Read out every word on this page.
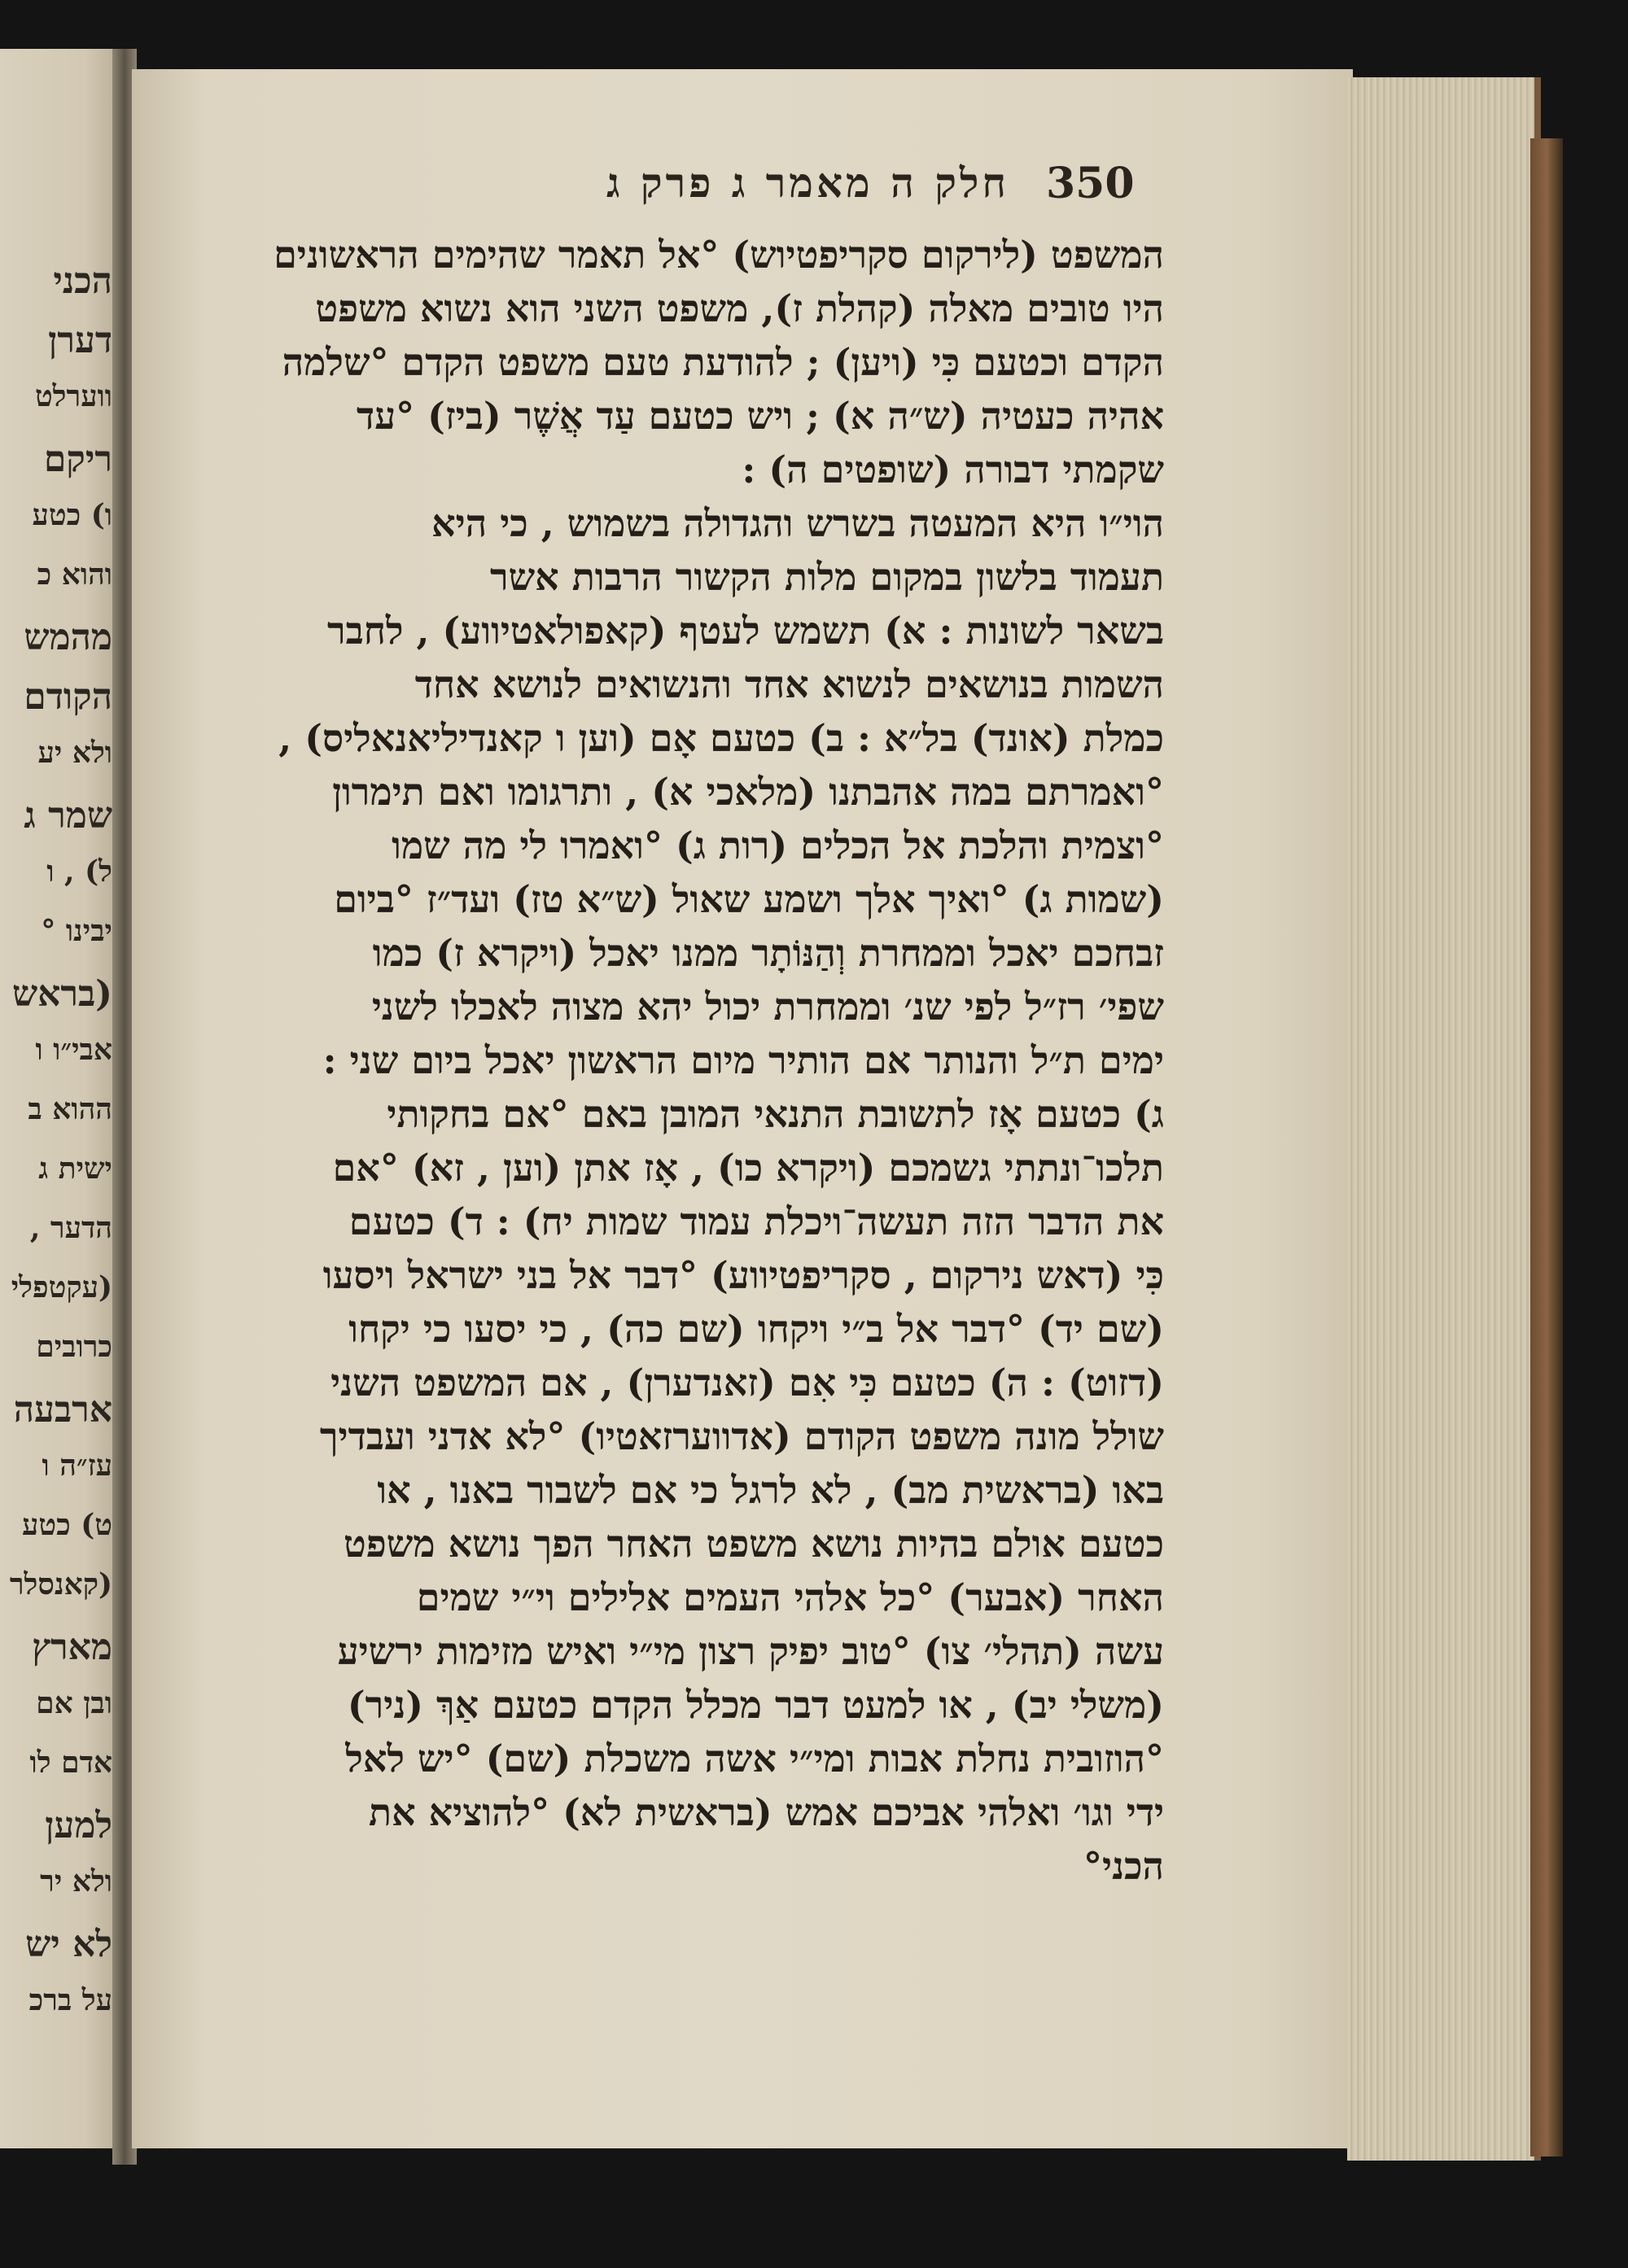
הכני
דערן
ווערלט
ריקם
ו) כטע
והוא כ
מהמש
הקודם
ולא יע
שמר ג
ל) , ו
יבינו °
(בראש
אבי״ו ו
ההוא ב
ישית ג
הדער ,
(עקטפלי
כרובים
ארבעה
עז״ה ו
ט) כטע
(קאנסלר
מארץ
ובן אם
אדם לו
למען
ולא יר
לא יש
על ברכ
350
חלק ה מאמר ג פרק ג
המשפט (לירקום סקריפטיוש) °אל תאמר שהימים הראשונים
היו טובים מאלה (קהלת ז), משפט השני הוא נשוא משפט
הקדם וכטעם כִּי (ויען) ; להודעת טעם משפט הקדם °שלמה
אהיה כעטיה (ש״ה א) ; ויש כטעם עַד אֲשֶׁר (ביז) °עד
שקמתי דבורה (שופטים ה) :
הוי״ו היא המעטה בשרש והגדולה בשמוש , כי היא
תעמוד בלשון במקום מלות הקשור הרבות אשר
בשאר לשונות : א) תשמש לעטף (קאפולאטיווע) , לחבר
השמות בנושאים לנשוא אחד והנשואים לנושא אחד
כמלת (אונד) בל״א : ב) כטעם אָם (וען ו קאנדיליאנאליס) ,
°ואמרתם במה אהבתנו (מלאכי א) , ותרגומו ואם תימרון
°וצמית והלכת אל הכלים (רות ג) °ואמרו לי מה שמו
(שמות ג) °ואיך אלך ושמע שאול (ש״א טז) ועד״ז °ביום
זבחכם יאכל וממחרת וְהַנּוֹתָר ממנו יאכל (ויקרא ז) כמו
שפי׳ רז״ל לפי שנ׳ וממחרת יכול יהא מצוה לאכלו לשני
ימים ת״ל והנותר אם הותיר מיום הראשון יאכל ביום שני :
ג) כטעם אָז לתשובת התנאי המובן באם °אם בחקותי
תלכו־ונתתי גשמכם (ויקרא כו) , אָז אתן (וען , זא) °אם
את הדבר הזה תעשה־ויכלת עמוד שמות יח) : ד) כטעם
כִּי (דאש נירקום , סקריפטיווע) °דבר אל בני ישראל ויסעו
(שם יד) °דבר אל ב״י ויקחו (שם כה) , כי יסעו כי יקחו
(דזוט) : ה) כטעם כִּי אִם (זאנדערן) , אם המשפט השני
שולל מונה משפט הקודם (אדווערזאטיו) °לא אדני ועבדיך
באו (בראשית מב) , לא לרגל כי אם לשבור באנו , או
כטעם אולם בהיות נושא משפט האחר הפך נושא משפט
האחר (אבער) °כל אלהי העמים אלילים וי״י שמים
עשה (תהלי׳ צו) °טוב יפיק רצון מי״י ואיש מזימות ירשיע
(משלי יב) , או למעט דבר מכלל הקדם כטעם אַךְ (ניר)
°הוזובית נחלת אבות ומי״י אשה משכלת (שם) °יש לאל
ידי וגו׳ ואלהי אביכם אמש (בראשית לא) °להוציא את
הכני°
